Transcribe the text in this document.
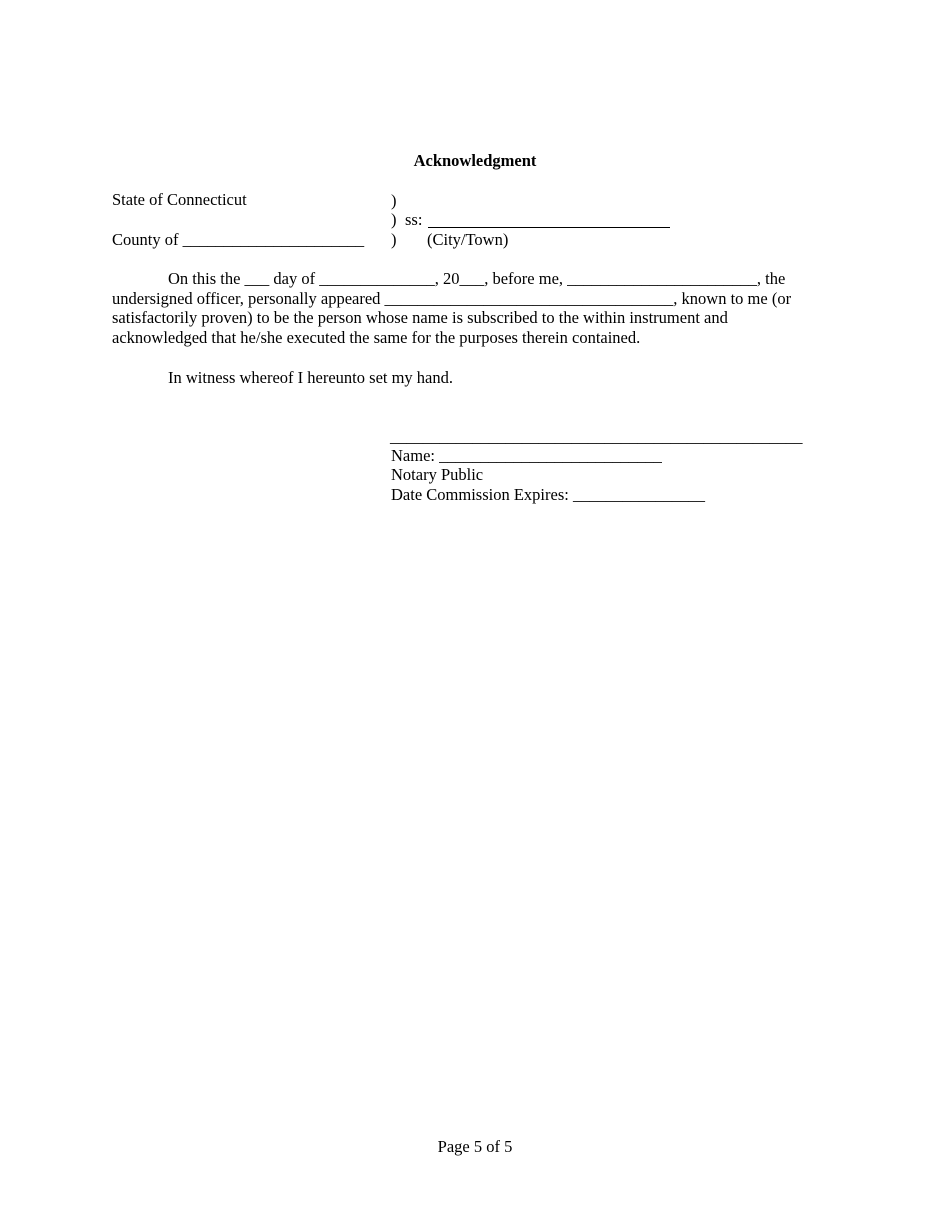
Acknowledgment
State of Connecticut	)
) ss:
County of ______________________ ) (City/Town)
On this the ___ day of ______________, 20___, before me, _______________________, the
undersigned officer, personally appeared ___________________________________, known to me (or
satisfactorily proven) to be the person whose name is subscribed to the within instrument and
acknowledged that he/she executed the same for the purposes therein contained.
In witness whereof I hereunto set my hand.
__________________________________________________
Name: ___________________________
Notary Public
Date Commission Expires: ________________
Page 5 of 5
